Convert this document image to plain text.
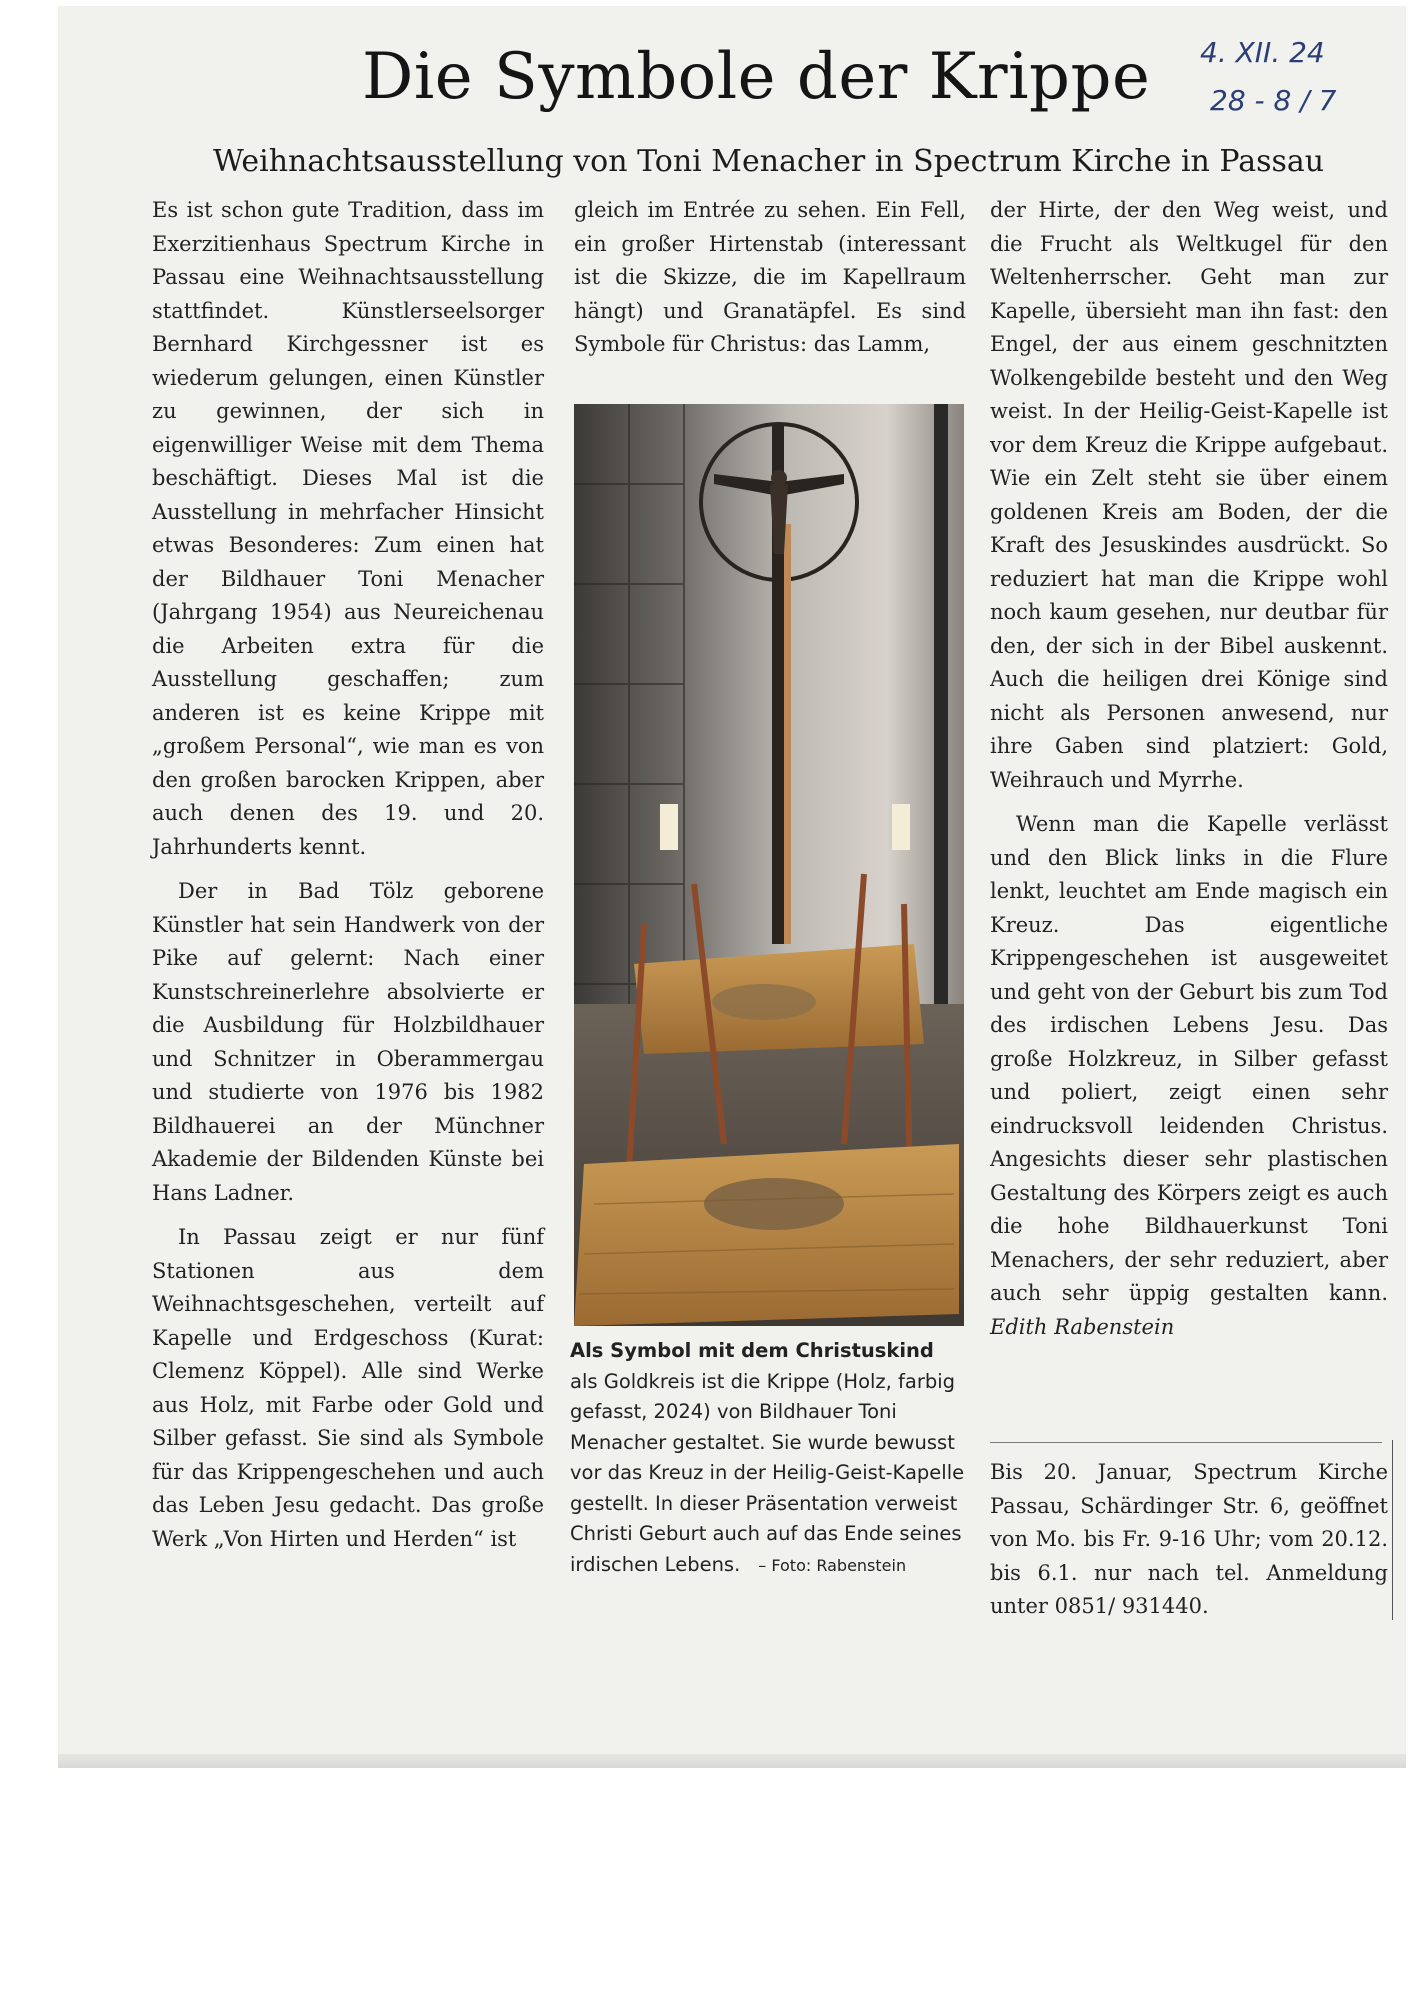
Die Symbole der Krippe 4. XII. 24
28 - 8 / 7
Weihnachtsausstellung von Toni Menacher in Spectrum Kirche in Passau

Es ist schon gute Tradition, dass im Exerzitienhaus Spectrum Kirche in Passau eine Weihnachtsausstellung stattfindet. Künstlerseelsorger Bernhard Kirchgessner ist es wiederum gelungen, einen Künstler zu gewinnen, der sich in eigenwilliger Weise mit dem Thema beschäftigt. Dieses Mal ist die Ausstellung in mehrfacher Hinsicht etwas Besonderes: Zum einen hat der Bildhauer Toni Menacher (Jahrgang 1954) aus Neureichenau die Arbeiten extra für die Ausstellung geschaffen; zum anderen ist es keine Krippe mit „großem Personal“, wie man es von den großen barocken Krippen, aber auch denen des 19. und 20. Jahrhunderts kennt.

Der in Bad Tölz geborene Künstler hat sein Handwerk von der Pike auf gelernt: Nach einer Kunstschreinerlehre absolvierte er die Ausbildung für Holzbildhauer und Schnitzer in Oberammergau und studierte von 1976 bis 1982 Bildhauerei an der Münchner Akademie der Bildenden Künste bei Hans Ladner.

In Passau zeigt er nur fünf Stationen aus dem Weihnachtsgeschehen, verteilt auf Kapelle und Erdgeschoss (Kurat: Clemenz Köppel). Alle sind Werke aus Holz, mit Farbe oder Gold und Silber gefasst. Sie sind als Symbole für das Krippengeschehen und auch das Leben Jesu gedacht. Das große Werk „Von Hirten und Herden“ ist

gleich im Entrée zu sehen. Ein Fell, ein großer Hirtenstab (interessant ist die Skizze, die im Kapellraum hängt) und Granatäpfel. Es sind Symbole für Christus: das Lamm,

Als Symbol mit dem Christuskind
als Goldkreis ist die Krippe (Holz, farbig gefasst, 2024) von Bildhauer Toni Menacher gestaltet. Sie wurde bewusst vor das Kreuz in der Heilig-Geist-Kapelle gestellt. In dieser Präsentation verweist Christi Geburt auch auf das Ende seines irdischen Lebens. – Foto: Rabenstein

der Hirte, der den Weg weist, und die Frucht als Weltkugel für den Weltenherrscher. Geht man zur Kapelle, übersieht man ihn fast: den Engel, der aus einem geschnitzten Wolkengebilde besteht und den Weg weist. In der Heilig-Geist-Kapelle ist vor dem Kreuz die Krippe aufgebaut. Wie ein Zelt steht sie über einem goldenen Kreis am Boden, der die Kraft des Jesuskindes ausdrückt. So reduziert hat man die Krippe wohl noch kaum gesehen, nur deutbar für den, der sich in der Bibel auskennt. Auch die heiligen drei Könige sind nicht als Personen anwesend, nur ihre Gaben sind platziert: Gold, Weihrauch und Myrrhe.

Wenn man die Kapelle verlässt und den Blick links in die Flure lenkt, leuchtet am Ende magisch ein Kreuz. Das eigentliche Krippengeschehen ist ausgeweitet und geht von der Geburt bis zum Tod des irdischen Lebens Jesu. Das große Holzkreuz, in Silber gefasst und poliert, zeigt einen sehr eindrucksvoll leidenden Christus. Angesichts dieser sehr plastischen Gestaltung des Körpers zeigt es auch die hohe Bildhauerkunst Toni Menachers, der sehr reduziert, aber auch sehr üppig gestalten kann. Edith Rabenstein

Bis 20. Januar, Spectrum Kirche Passau, Schärdinger Str. 6, geöffnet von Mo. bis Fr. 9-16 Uhr; vom 20.12. bis 6.1. nur nach tel. Anmeldung unter 0851/ 931440.
